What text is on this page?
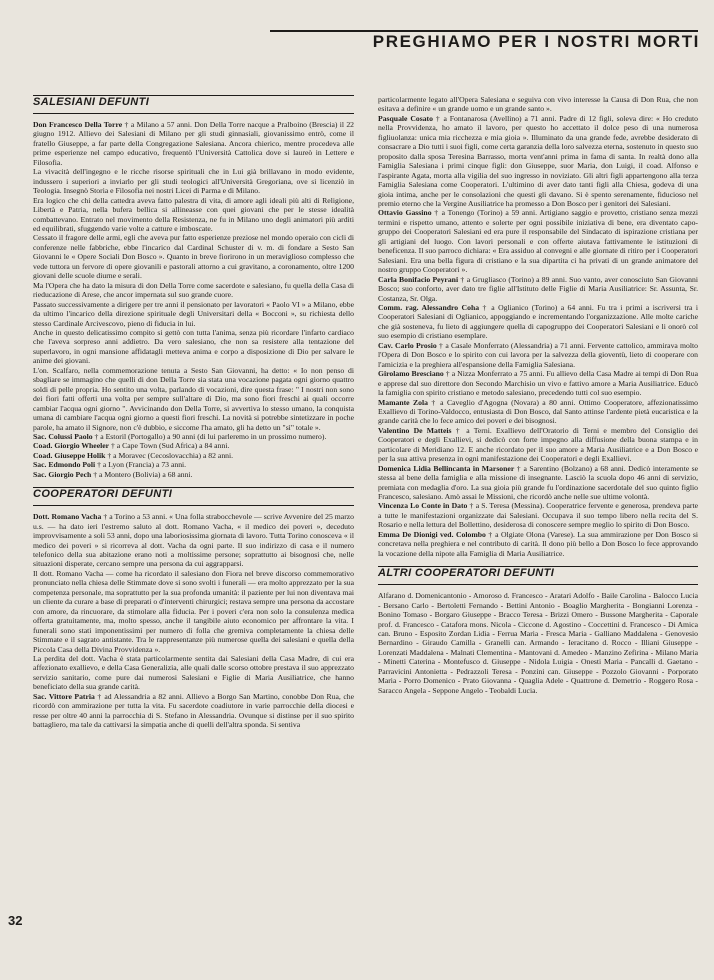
PREGHIAMO PER I NOSTRI MORTI
32
SALESIANI DEFUNTI

Don Francesco Della Torre † a Milano a 57 anni. Don Della Torre nacque a Pralboino (Brescia) il 22 giugno 1912. Allievo dei Salesiani di Milano per gli studi ginnasiali, giovanissimo entrò, come il fratello Giuseppe, a far parte della Congregazione Salesiana. Ancora chierico, mentre procedeva alle prime esperienze nel campo educativo, frequentò l'Università Cattolica dove si laureò in Lettere e Filosofia.

La vivacità dell'ingegno e le ricche risorse spirituali che in Lui già brillavano in modo evidente, indussero i superiori a inviarlo per gli studi teologici all'Università Gregoriana, ove si licenziò in Teologia. Insegnò Storia e Filosofia nei nostri Licei di Parma e di Milano.

Era logico che chi della cattedra aveva fatto palestra di vita, di amore agli ideali più alti di Religione, Libertà e Patria, nella bufera bellica si allineasse con quei giovani che per le stesse idealità combattevano. Entrato nel movimento della Resistenza, ne fu in Milano uno degli animatori più arditi ed equilibrati, sfuggendo varie volte a catture e imboscate.

Cessato il fragore delle armi, egli che aveva pur fatto esperienze preziose nel mondo operaio con cicli di conferenze nelle fabbriche, ebbe l'incarico dal Cardinal Schuster di v. m. di fondare a Sesto San Giovanni le « Opere Sociali Don Bosco ». Quanto in breve fiorirono in un meraviglioso complesso che vede tuttora un fervore di opere giovanili e pastorali attorno a cui gravitano, a coronamento, oltre 1200 giovani delle scuole diurne e serali.

Ma l'Opera che ha dato la misura di don Della Torre come sacerdote e salesiano, fu quella della Casa di rieducazione di Arese, che ancor impernata sul suo grande cuore.

Passato successivamente a dirigere per tre anni il pensionato per lavoratori « Paolo VI » a Milano, ebbe da ultimo l'incarico della direzione spirituale degli Universitari della « Bocconi », su richiesta dello stesso Cardinale Arcivescovo, pieno di fiducia in lui.

Anche in questo delicatissimo compito si gettò con tutta l'anima, senza più ricordare l'infarto cardiaco che l'aveva sorpreso anni addietro. Da vero salesiano, che non sa resistere alla tentazione del superlavoro, in ogni mansione affidatagli metteva anima e corpo a disposizione di Dio per salvare le anime dei giovani.

L'on. Scalfaro, nella commemorazione tenuta a Sesto San Giovanni, ha detto: « Io non penso di sbagliare se immagino che quelli di don Della Torre sia stata una vocazione pagata ogni giorno quattro soldi di pelle propria. Ho sentito una volta, parlando di vocazioni, dire questa frase: " I nostri non sono dei fiori fatti offerti una volta per sempre sull'altare di Dio, ma sono fiori freschi ai quali occorre cambiar l'acqua ogni giorno ". Avvicinando don Della Torre, si avvertiva lo stesso umano, la conquista umana di cambiare l'acqua ogni giorno a questi fiori freschi. La novità si potrebbe sintetizzare in poche parole, ha amato il Signore, non c'è dubbio, e siccome l'ha amato, gli ha detto un "sì" totale ».

Sac. Colussi Paolo † a Estoril (Portogallo) a 90 anni (di lui parleremo in un prossimo numero).

Coad. Giorgio Wheeler † a Cape Town (Sud Africa) a 84 anni.

Coad. Giuseppe Holik † a Moravec (Cecoslovacchia) a 82 anni.

Sac. Edmondo Poli † a Lyon (Francia) a 73 anni.

Sac. Giorgio Pech † a Montero (Bolivia) a 68 anni.

COOPERATORI DEFUNTI

Dott. Romano Vacha † a Torino a 53 anni. « Una folla strabocchevole — scrive Avvenire del 25 marzo u.s. — ha dato ieri l'estremo saluto al dott. Romano Vacha, « il medico dei poveri », deceduto improvvisamente a soli 53 anni, dopo una laboriosissima giornata di lavoro. Tutta Torino conosceva « il medico dei poveri » si ricorreva al dott. Vacha da ogni parte. Il suo indirizzo di casa e il numero telefonico della sua abitazione erano noti a moltissime persone; soprattutto ai bisognosi che, nelle situazioni disperate, cercano sempre una persona da cui aggrapparsi.

Il dott. Romano Vacha — come ha ricordato il salesiano don Fiora nel breve discorso commemorativo pronunciato nella chiesa delle Stimmate dove si sono svolti i funerali — era molto apprezzato per la sua competenza personale, ma soprattutto per la sua profonda umanità: il paziente per lui non diventava mai un cliente da curare a base di preparati o d'interventi chirurgici; restava sempre una persona da accostare con amore, da rincuorare, da stimolare alla fiducia. Per i poveri c'era non solo la consulenza medica offerta gratuitamente, ma, molto spesso, anche il tangibile aiuto economico per affrontare la vita. I funerali sono stati imponentissimi per numero di folla che gremiva completamente la chiesa delle Stimmate e il sagrato antistante. Tra le rappresentanze più numerose quella dei salesiani e quella della Piccola Casa della Divina Provvidenza ».

La perdita del dott. Vacha è stata particolarmente sentita dai Salesiani della Casa Madre, di cui era affezionato exallievo, e della Casa Generalizia, alle quali dalle scorso ottobre prestava il suo apprezzato servizio sanitario, come pure dai numerosi Salesiani e Figlie di Maria Ausiliatrice, che hanno beneficiato della sua grande carità.

Sac. Vittore Patria † ad Alessandria a 82 anni. Allievo a Borgo San Martino, conobbe Don Rua, che ricordò con ammirazione per tutta la vita. Fu sacerdote coadiutore in varie parrocchie della diocesi e resse per oltre 40 anni la parrocchia di S. Stefano in Alessandria. Ovunque si distinse per il suo spirito battagliero, ma tale da cattivarsi la simpatia anche di quelli dell'altra sponda. Si sentiva

particolarmente legato all'Opera Salesiana e seguiva con vivo interesse la Causa di Don Rua, che non esitava a definire « un grande uomo e un grande santo ».

Pasquale Cosato † a Fontanarosa (Avellino) a 71 anni. Padre di 12 figli, soleva dire: « Ho creduto nella Provvidenza, ho amato il lavoro, per questo ho accettato il dolce peso di una numerosa figliuolanza: unica mia ricchezza e mia gioia ». Illuminato da una grande fede, avrebbe desiderato di consacrare a Dio tutti i suoi figli, come certa garanzia della loro salvezza eterna, sostenuto in questo suo proposito dalla sposa Teresina Barrasso, morta vent'anni prima in fama di santa. In realtà dono alla Famiglia Salesiana i primi cinque figli: don Giuseppe, suor Maria, don Luigi, il coad. Alfonso e l'aspirante Agata, morta alla vigilia del suo ingresso in noviziato. Gli altri figli appartengono alla terza Famiglia Salesiana come Cooperatori. L'ultimino di aver dato tanti figli alla Chiesa, godeva di una gioia intima, anche per le consolazioni che questi gli davano. Si è spento serenamente, fiducioso nel premio eterno che la Vergine Ausiliatrice ha promesso a Don Bosco per i genitori dei Salesiani.

Ottavio Gassino † a Tonengo (Torino) a 59 anni. Artigiano saggio e provetto, cristiano senza mezzi termini e rispetto umano, attento e solerte per ogni possibile iniziativa di bene, era diventato capo-gruppo dei Cooperatori Salesiani ed era pure il responsabile del Sindacato di ispirazione cristiana per gli artigiani del luogo. Con lavori personali e con offerte aiutava fattivamente le istituzioni di beneficenza. Il suo parroco dichiara: « Era assiduo al convegni e alle giornate di ritiro per i Cooperatori Salesiani. Era una bella figura di cristiano e la sua dipartita ci ha privati di un grande animatore del nostro gruppo Cooperatori ».

Carla Bonifacio Peyrani † a Grugliasco (Torino) a 89 anni. Suo vanto, aver conosciuto San Giovanni Bosco; suo conforto, aver dato tre figlie all'Istituto delle Figlie di Maria Ausiliatrice: Sr. Assunta, Sr. Costanza, Sr. Olga.

Comm. rag. Alessandro Coha † a Oglianico (Torino) a 64 anni. Fu tra i primi a iscriversi tra i Cooperatori Salesiani di Oglianico, appoggiando e incrementando l'organizzazione. Alle molte cariche che già sosteneva, fu lieto di aggiungere quella di capogruppo dei Cooperatori Salesiani e li onorò col suo esempio di cristiano esemplare.

Cav. Carlo Prosio † a Casale Monferrato (Alessandria) a 71 anni. Fervente cattolico, ammirava molto l'Opera di Don Bosco e lo spirito con cui lavora per la salvezza della gioventù, lieto di cooperare con l'amicizia e la preghiera all'espansione della Famiglia Salesiana.

Girolamo Bresciano † a Nizza Monferrato a 75 anni. Fu allievo della Casa Madre ai tempi di Don Rua e apprese dal suo direttore don Secondo Marchisio un vivo e fattivo amore a Maria Ausiliatrice. Educò la famiglia con spirito cristiano e metodo salesiano, precedendo tutti col suo esempio.

Mamante Zola † a Caveglio d'Agogna (Novara) a 80 anni. Ottimo Cooperatore, affezionatissimo Exallievo di Torino-Valdocco, entusiasta di Don Bosco, dal Santo attinse l'ardente pietà eucaristica e la grande carità che lo fece amico dei poveri e dei bisognosi.

Valentino De Matteis † a Terni. Exallievo dell'Oratorio di Terni e membro del Consiglio dei Cooperatori e degli Exallievi, si dedicò con forte impegno alla diffusione della buona stampa e in particolare di Meridiano 12. E anche ricordato per il suo amore a Maria Ausiliatrice e a Don Bosco e per la sua attiva presenza in ogni manifestazione dei Cooperatori e degli Exallievi.

Domenica Lidia Bellincanta in Marsoner † a Sarentino (Bolzano) a 68 anni. Dedicò interamente se stessa al bene della famiglia e alla missione di insegnante. Lasciò la scuola dopo 46 anni di servizio, premiata con medaglia d'oro. La sua gioia più grande fu l'ordinazione sacerdotale del suo quinto figlio Francesco, salesiano. Amò assai le Missioni, che ricordò anche nelle sue ultime volontà.

Vincenza Lo Conte in Dato † a S. Teresa (Messina). Cooperatrice fervente e generosa, prendeva parte a tutte le manifestazioni organizzate dai Salesiani. Occupava il suo tempo libero nella recita del S. Rosario e nella lettura del Bollettino, desiderosa di conoscere sempre meglio lo spirito di Don Bosco.

Emma De Dionigi ved. Colombo † a Olgiate Olona (Varese). La sua ammirazione per Don Bosco si concretava nella preghiera e nel contributo di carità. Il dono più bello a Don Bosco lo fece approvando la vocazione della nipote alla Famiglia di Maria Ausiliatrice.

ALTRI COOPERATORI DEFUNTI

Alfarano d. Domenicantonio - Amoroso d. Francesco - Aratari Adolfo - Baile Carolina - Balocco Lucia - Bersano Carlo - Bertoletti Fernando - Bettini Antonio - Boaglio Margherita - Bongianni Lorenza - Bonino Tomaso - Borgaro Giuseppe - Bracco Teresa - Brizzi Omero - Bussone Margherita - Caporale prof. d. Francesco - Catafora mons. Nicola - Ciccone d. Agostino - Coccettini d. Francesco - Di Amica can. Bruno - Esposito Zordan Lidia - Ferrua Maria - Fresca Maria - Galliano Maddalena - Genovesio Bernardino - Giraudo Camilla - Granelli can. Armando - Ieracitano d. Rocco - Illiani Giuseppe - Lorenzati Maddalena - Malnati Clementina - Mantovani d. Amedeo - Manzino Zefirina - Milano Maria - Minetti Caterina - Montefusco d. Giuseppe - Nidola Luigia - Onesti Maria - Pancalli d. Gaetano - Parravicini Antonietta - Pedrazzoli Teresa - Ponzini can. Giuseppe - Pozzolo Giovanni - Porporato Maria - Porro Domenico - Prato Giovanna - Quaglia Adele - Quattrone d. Demetrio - Roggero Rosa - Saracco Angela - Seppone Angelo - Teobaldi Lucia.
